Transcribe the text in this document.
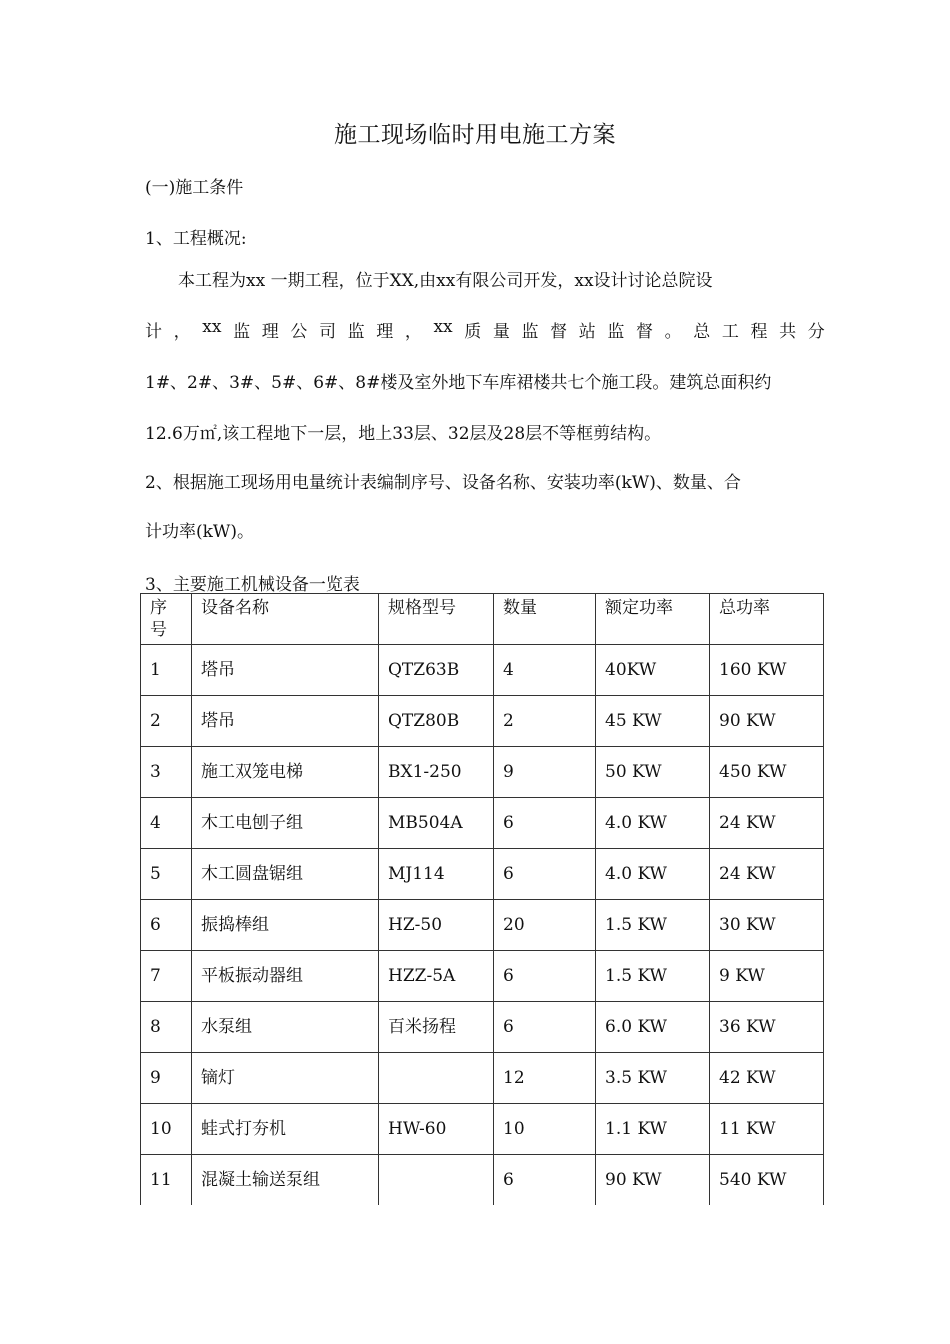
施工现场临时用电施工方案
(一)施工条件
1、工程概况:
本工程为xx 一期工程，位于XX,由xx有限公司开发，xx设计讨论总院设
计 ， xx 监 理 公 司 监 理 ， xx 质 量 监 督 站 监 督 。 总 工 程 共 分
1#、2#、3#、5#、6#、8#楼及室外地下车库裙楼共七个施工段。建筑总面积约
12.6万㎡,该工程地下一层，地上33层、32层及28层不等框剪结构。
2、根据施工现场用电量统计表编制序号、设备名称、安装功率(kW)、数量、合
计功率(kW)。
3、主要施工机械设备一览表
序
号	设备名称	规格型号	数量	额定功率	总功率
1	塔吊	QTZ63B	4	40KW	160 KW
2	塔吊	QTZ80B	2	45 KW	90 KW
3	施工双笼电梯	BX1-250	9	50 KW	450 KW
4	木工电刨子组	MB504A	6	4.0 KW	24 KW
5	木工圆盘锯组	MJ114	6	4.0 KW	24 KW
6	振捣棒组	HZ-50	20	1.5 KW	30 KW
7	平板振动器组	HZZ-5A	6	1.5 KW	9 KW
8	水泵组	百米扬程	6	6.0 KW	36 KW
9	镝灯		12	3.5 KW	42 KW
10	蛙式打夯机	HW-60	10	1.1 KW	11 KW
11	混凝土输送泵组		6	90 KW	540 KW
